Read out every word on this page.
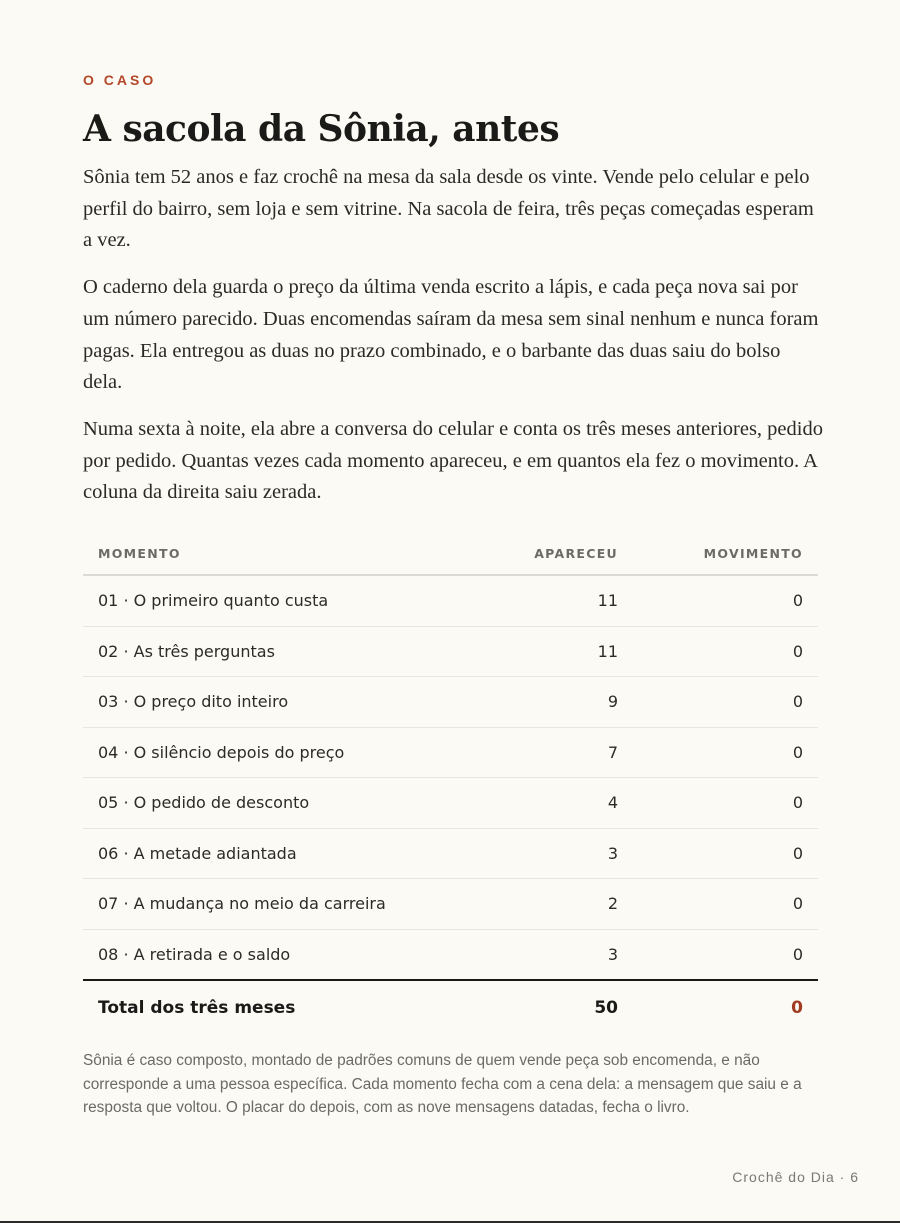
O CASO
A sacola da Sônia, antes

Sônia tem 52 anos e faz crochê na mesa da sala desde os vinte. Vende pelo celular e pelo perfil do bairro, sem loja e sem vitrine. Na sacola de feira, três peças começadas esperam a vez.

O caderno dela guarda o preço da última venda escrito a lápis, e cada peça nova sai por um número parecido. Duas encomendas saíram da mesa sem sinal nenhum e nunca foram pagas. Ela entregou as duas no prazo combinado, e o barbante das duas saiu do bolso dela.

Numa sexta à noite, ela abre a conversa do celular e conta os três meses anteriores, pedido por pedido. Quantas vezes cada momento apareceu, e em quantos ela fez o movimento. A coluna da direita saiu zerada.

MOMENTO	APARECEU	MOVIMENTO
01 · O primeiro quanto custa	11	0
02 · As três perguntas	11	0
03 · O preço dito inteiro	9	0
04 · O silêncio depois do preço	7	0
05 · O pedido de desconto	4	0
06 · A metade adiantada	3	0
07 · A mudança no meio da carreira	2	0
08 · A retirada e o saldo	3	0
Total dos três meses	50	0

Sônia é caso composto, montado de padrões comuns de quem vende peça sob encomenda, e não corresponde a uma pessoa específica. Cada momento fecha com a cena dela: a mensagem que saiu e a resposta que voltou. O placar do depois, com as nove mensagens datadas, fecha o livro.

Crochê do Dia · 6
